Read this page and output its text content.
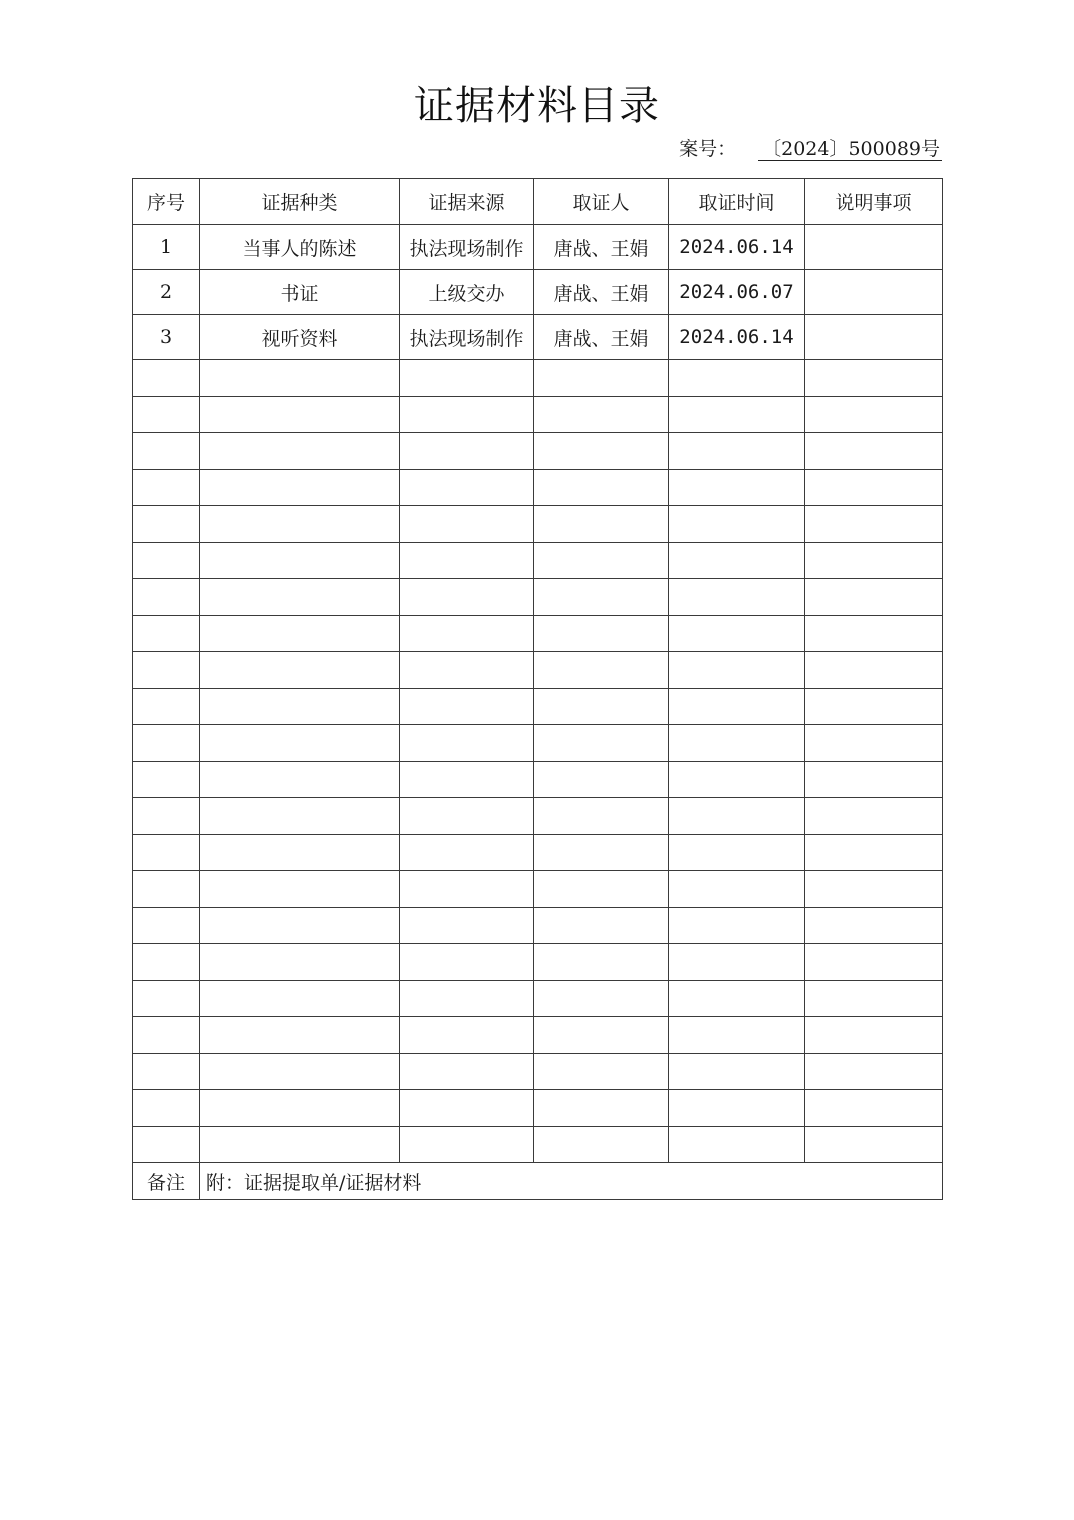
证据材料目录
案号： 〔2024〕500089号
序号	证据种类	证据来源	取证人	取证时间	说明事项
1	当事人的陈述	执法现场制作	唐战、王娟	2024.06.14	
2	书证	上级交办	唐战、王娟	2024.06.07	
3	视听资料	执法现场制作	唐战、王娟	2024.06.14	

备注	附：证据提取单/证据材料				
